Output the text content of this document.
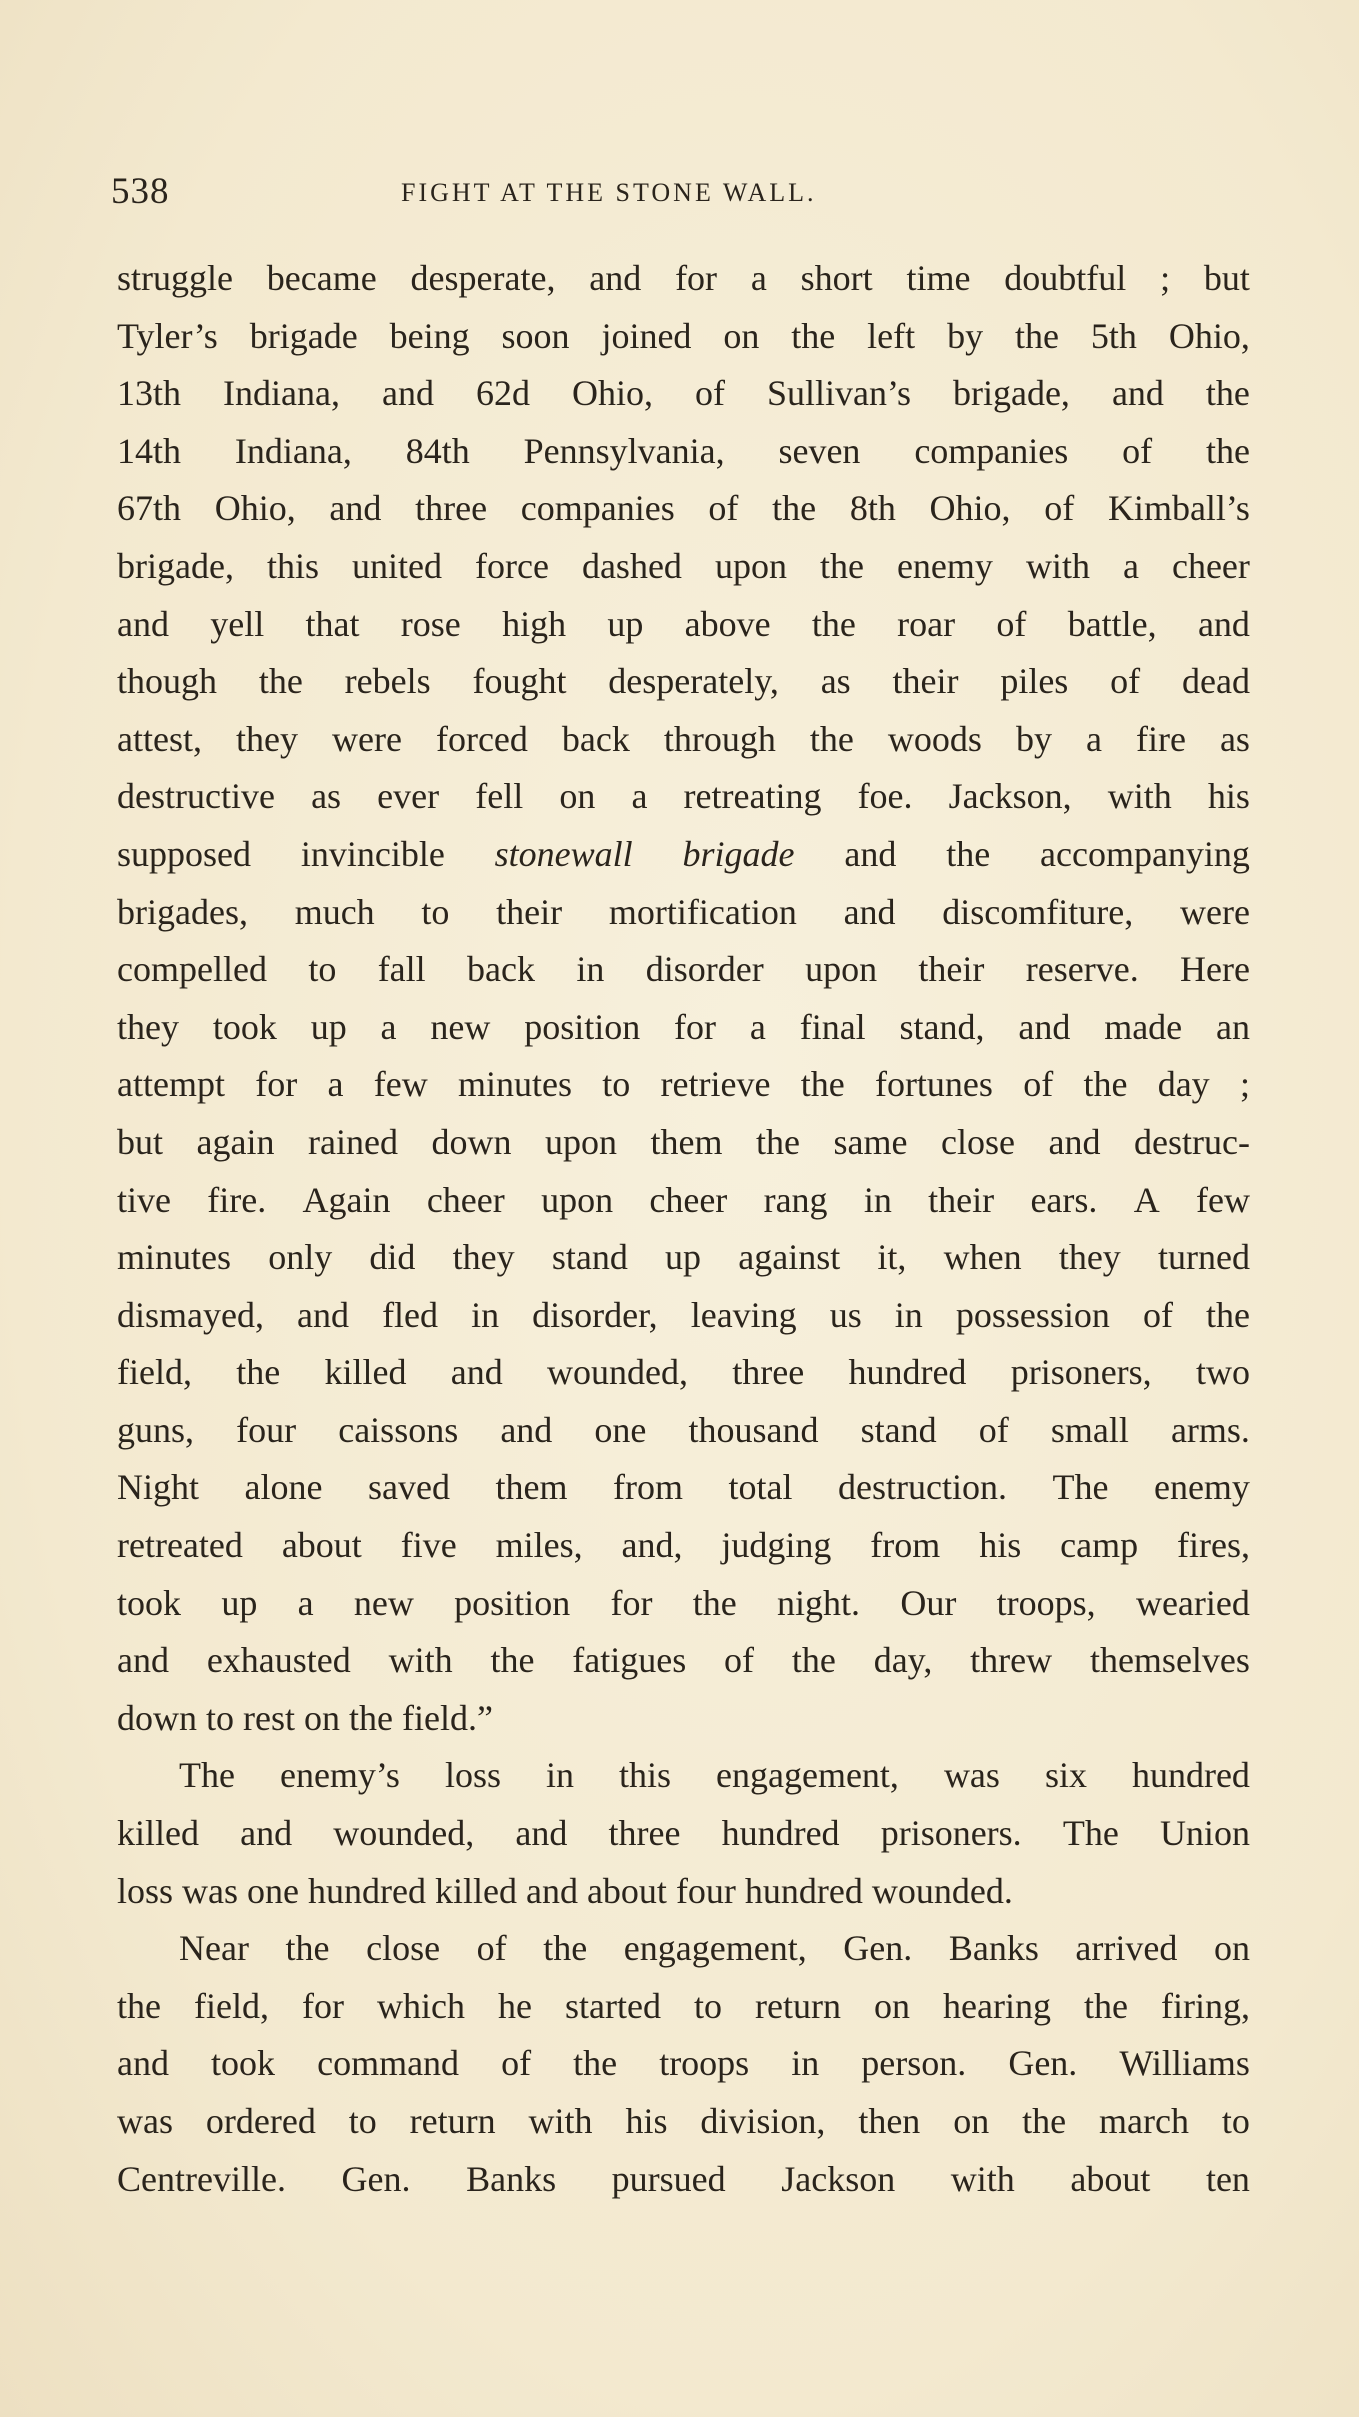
538	FIGHT AT THE STONE WALL.
struggle became desperate, and for a short time doubtful ; but
Tyler’s brigade being soon joined on the left by the 5th Ohio,
13th Indiana, and 62d Ohio, of Sullivan’s brigade, and the
14th Indiana, 84th Pennsylvania, seven companies of the
67th Ohio, and three companies of the 8th Ohio, of Kimball’s
brigade, this united force dashed upon the enemy with a cheer
and yell that rose high up above the roar of battle, and
though the rebels fought desperately, as their piles of dead
attest, they were forced back through the woods by a fire as
destructive as ever fell on a retreating foe. Jackson, with his
supposed invincible stonewall brigade and the accompanying
brigades, much to their mortification and discomfiture, were
compelled to fall back in disorder upon their reserve. Here
they took up a new position for a final stand, and made an
attempt for a few minutes to retrieve the fortunes of the day ;
but again rained down upon them the same close and destruc-
tive fire. Again cheer upon cheer rang in their ears. A few
minutes only did they stand up against it, when they turned
dismayed, and fled in disorder, leaving us in possession of the
field, the killed and wounded, three hundred prisoners, two
guns, four caissons and one thousand stand of small arms.
Night alone saved them from total destruction. The enemy
retreated about five miles, and, judging from his camp fires,
took up a new position for the night. Our troops, wearied
and exhausted with the fatigues of the day, threw themselves
down
to
rest
on
the
field.”
The enemy’s loss in this engagement, was six hundred
killed and wounded, and three hundred prisoners. The Union
loss
was
one
hundred
killed
and
about
four
hundred
wounded.
Near the close of the engagement, Gen. Banks arrived on
the field, for which he started to return on hearing the firing,
and took command of the troops in person. Gen. Williams
was ordered to return with his division, then on the march to
Centreville. Gen. Banks pursued Jackson with about ten
